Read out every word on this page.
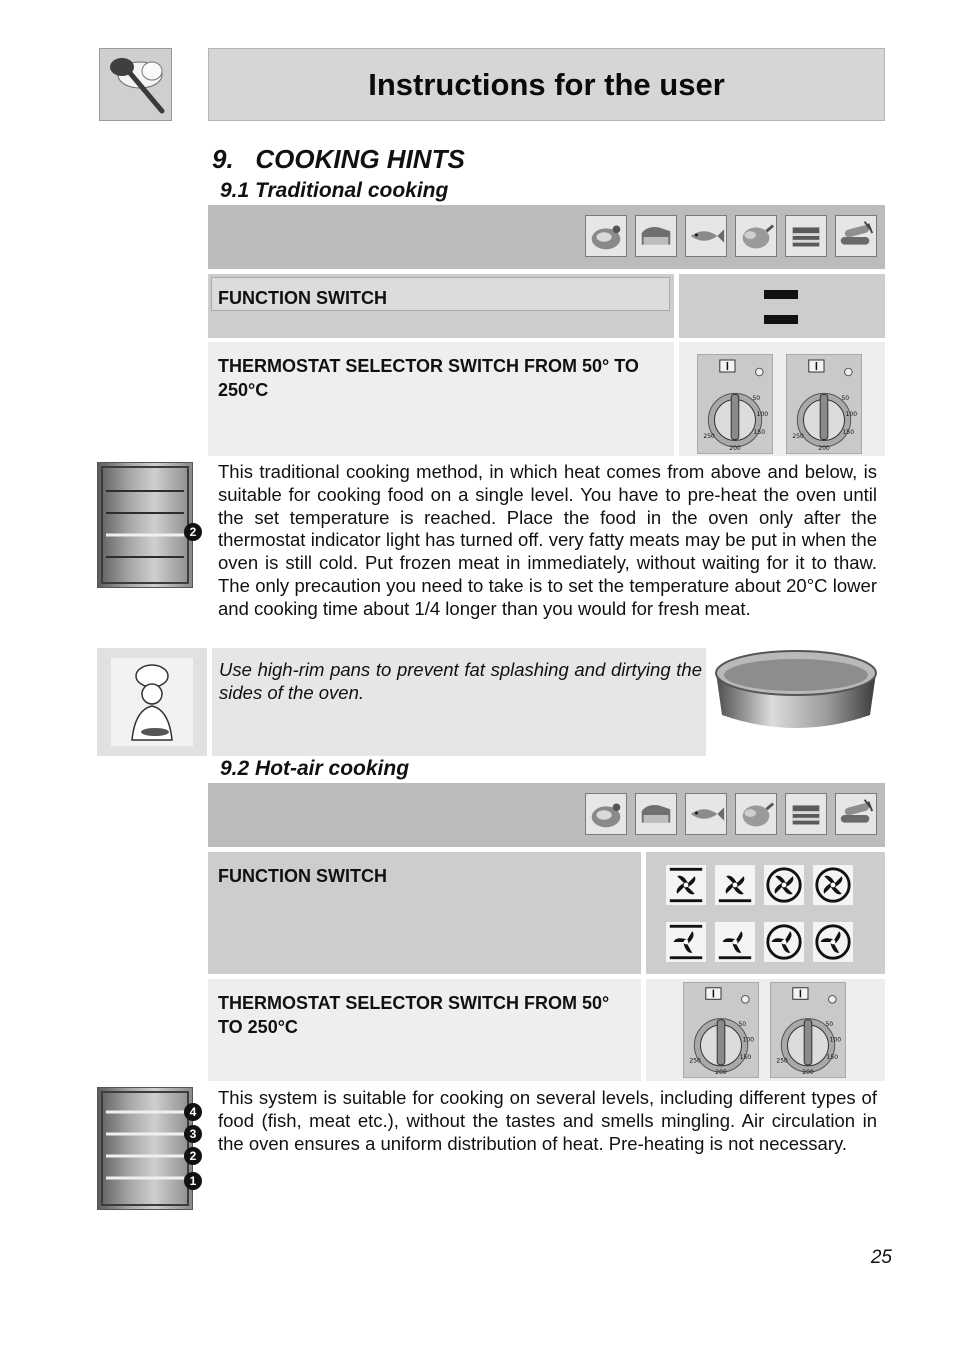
Instructions for the user
9.   COOKING HINTS
9.1 Traditional cooking
FUNCTION SWITCH
THERMOSTAT SELECTOR SWITCH FROM 50° TO 250°C	50
100
150
200
250
50
100
150
200
250
2
This traditional cooking method, in which heat comes from above and below, is suitable for cooking food on a single level. You have to pre-heat the oven until the set temperature is reached. Place the food in the oven only after the thermostat indicator light has turned off. very fatty meats may be put in when the oven is still cold. Put frozen meat in immediately, without waiting for it to thaw. The only precaution you need to take is to set the temperature about 20°C lower and cooking time about 1/4 longer than you would for fresh meat.
Use high-rim pans to prevent fat splashing and dirtying the sides of the oven.
9.2 Hot-air cooking
FUNCTION SWITCH
THERMOSTAT SELECTOR SWITCH FROM 50° TO 250°C	50
100
150
200
250
50
100
150
200
250
4
3
2
1
This system is suitable for cooking on several levels, including different types of food (fish, meat etc.), without the tastes and smells mingling. Air circulation in the oven ensures a uniform distribution of heat. Pre-heating is not necessary.
25
